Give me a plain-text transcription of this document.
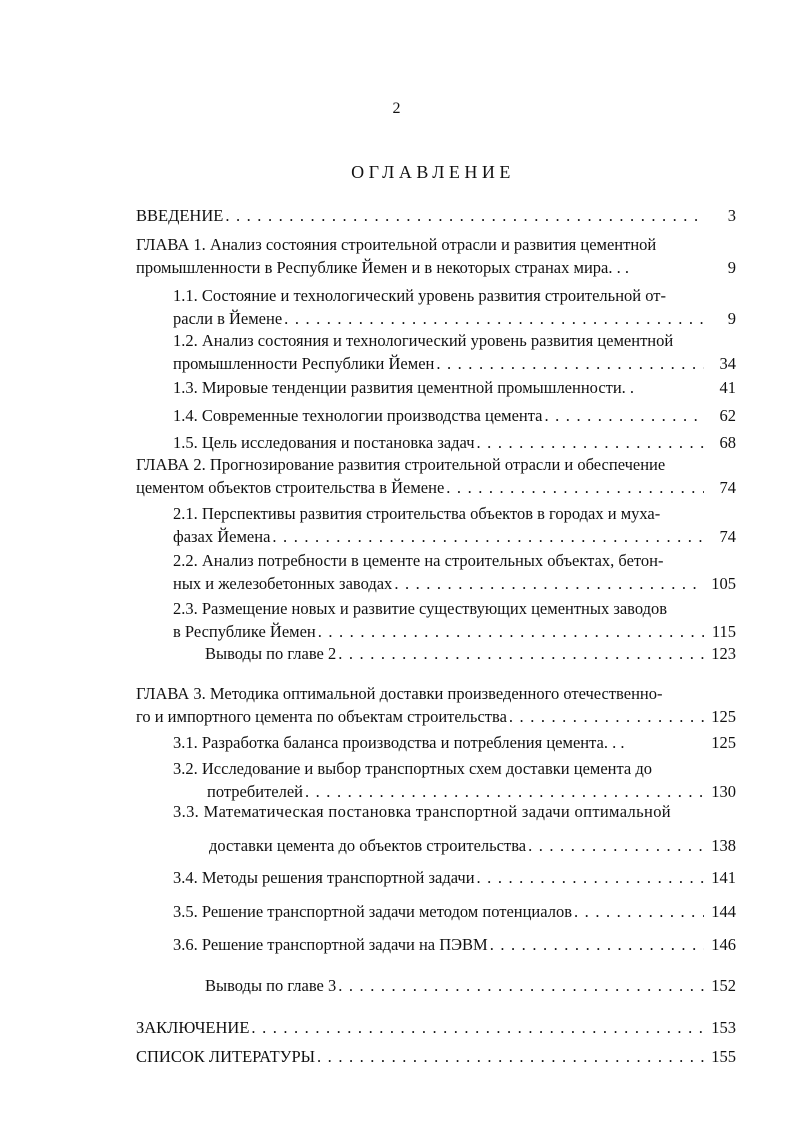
2
ОГЛАВЛЕНИЕ
ВВЕДЕНИЕ . . .	3
ГЛАВА 1. Анализ состояния строительной отрасли и развития цементной
промышленности в Республике Йемен и в некоторых странах мира. . .	9
1.1. Состояние и технологический уровень развития строительной от-
расли в Йемене . . .	9
1.2. Анализ состояния и технологический уровень развития цементной
промышленности Республики Йемен . . .	34
1.3. Мировые тенденции развития цементной промышленности. .	41
1.4. Современные технологии производства цемента . . .	62
1.5. Цель исследования и постановка задач . . .	68
ГЛАВА 2. Прогнозирование развития строительной отрасли и обеспечение
цементом объектов строительства в Йемене . . .	74
2.1. Перспективы развития строительства объектов в городах и муха-
фазах Йемена . . .	74
2.2. Анализ потребности в цементе на строительных объектах, бетон-
ных и железобетонных заводах . . .	105
2.3. Размещение новых и развитие существующих цементных заводов
в Республике Йемен . . .	115
Выводы по главе 2 . . .	123
ГЛАВА 3. Методика оптимальной доставки произведенного отечественно-
го и импортного цемента по объектам строительства . . .	125
3.1. Разработка баланса производства и потребления цемента. . .	125
3.2. Исследование и выбор транспортных схем доставки цемента до
потребителей . . .	130
3.3. Математическая постановка транспортной задачи оптимальной
доставки цемента до объектов строительства . . .	138
3.4. Методы решения транспортной задачи . . .	141
3.5. Решение транспортной задачи методом потенциалов . . .	144
3.6. Решение транспортной задачи на ПЭВМ . . .	146
Выводы по главе 3 . . .	152
ЗАКЛЮЧЕНИЕ . . .	153
СПИСОК ЛИТЕРАТУРЫ . . .	155
